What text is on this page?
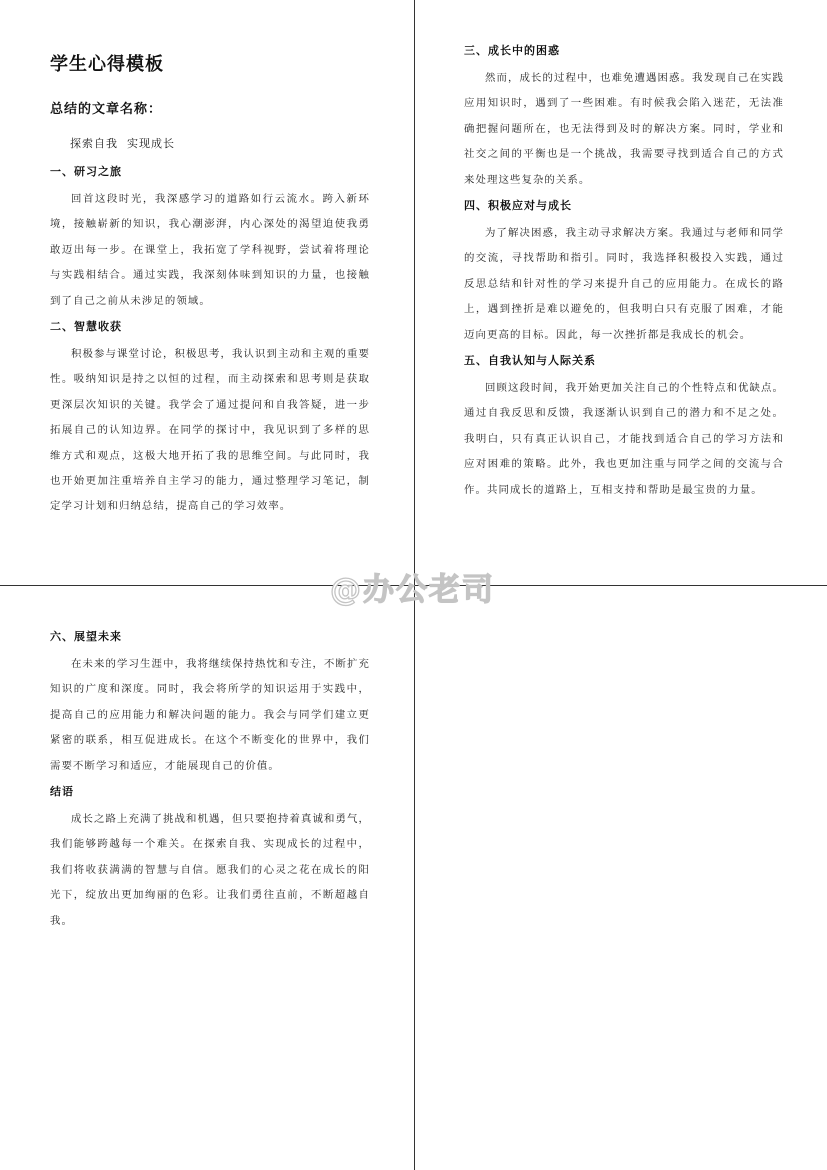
学生心得模板
总结的文章名称：
探索自我  实现成长
一、研习之旅

回首这段时光，我深感学习的道路如行云流水。跨入新环境，接触崭新的知识，我心潮澎湃，内心深处的渴望迫使我勇敢迈出每一步。在课堂上，我拓宽了学科视野，尝试着将理论与实践相结合。通过实践，我深刻体味到知识的力量，也接触到了自己之前从未涉足的领域。

二、智慧收获

积极参与课堂讨论，积极思考，我认识到主动和主观的重要性。吸纳知识是持之以恒的过程，而主动探索和思考则是获取更深层次知识的关键。我学会了通过提问和自我答疑，进一步拓展自己的认知边界。在同学的探讨中，我见识到了多样的思维方式和观点，这极大地开拓了我的思维空间。与此同时，我也开始更加注重培养自主学习的能力，通过整理学习笔记，制定学习计划和归纳总结，提高自己的学习效率。

三、成长中的困惑

然而，成长的过程中，也难免遭遇困惑。我发现自己在实践应用知识时，遇到了一些困难。有时候我会陷入迷茫，无法准确把握问题所在，也无法得到及时的解决方案。同时，学业和社交之间的平衡也是一个挑战，我需要寻找到适合自己的方式来处理这些复杂的关系。

四、积极应对与成长

为了解决困惑，我主动寻求解决方案。我通过与老师和同学的交流，寻找帮助和指引。同时，我选择积极投入实践，通过反思总结和针对性的学习来提升自己的应用能力。在成长的路上，遇到挫折是难以避免的，但我明白只有克服了困难，才能迈向更高的目标。因此，每一次挫折都是我成长的机会。

五、自我认知与人际关系

回顾这段时间，我开始更加关注自己的个性特点和优缺点。通过自我反思和反馈，我逐渐认识到自己的潜力和不足之处。我明白，只有真正认识自己，才能找到适合自己的学习方法和应对困难的策略。此外，我也更加注重与同学之间的交流与合作。共同成长的道路上，互相支持和帮助是最宝贵的力量。

六、展望未来

在未来的学习生涯中，我将继续保持热忱和专注，不断扩充知识的广度和深度。同时，我会将所学的知识运用于实践中，提高自己的应用能力和解决问题的能力。我会与同学们建立更紧密的联系，相互促进成长。在这个不断变化的世界中，我们需要不断学习和适应，才能展现自己的价值。

结语

成长之路上充满了挑战和机遇，但只要抱持着真诚和勇气，我们能够跨越每一个难关。在探索自我、实现成长的过程中，我们将收获满满的智慧与自信。愿我们的心灵之花在成长的阳光下，绽放出更加绚丽的色彩。让我们勇往直前，不断超越自我。

@办公老司
